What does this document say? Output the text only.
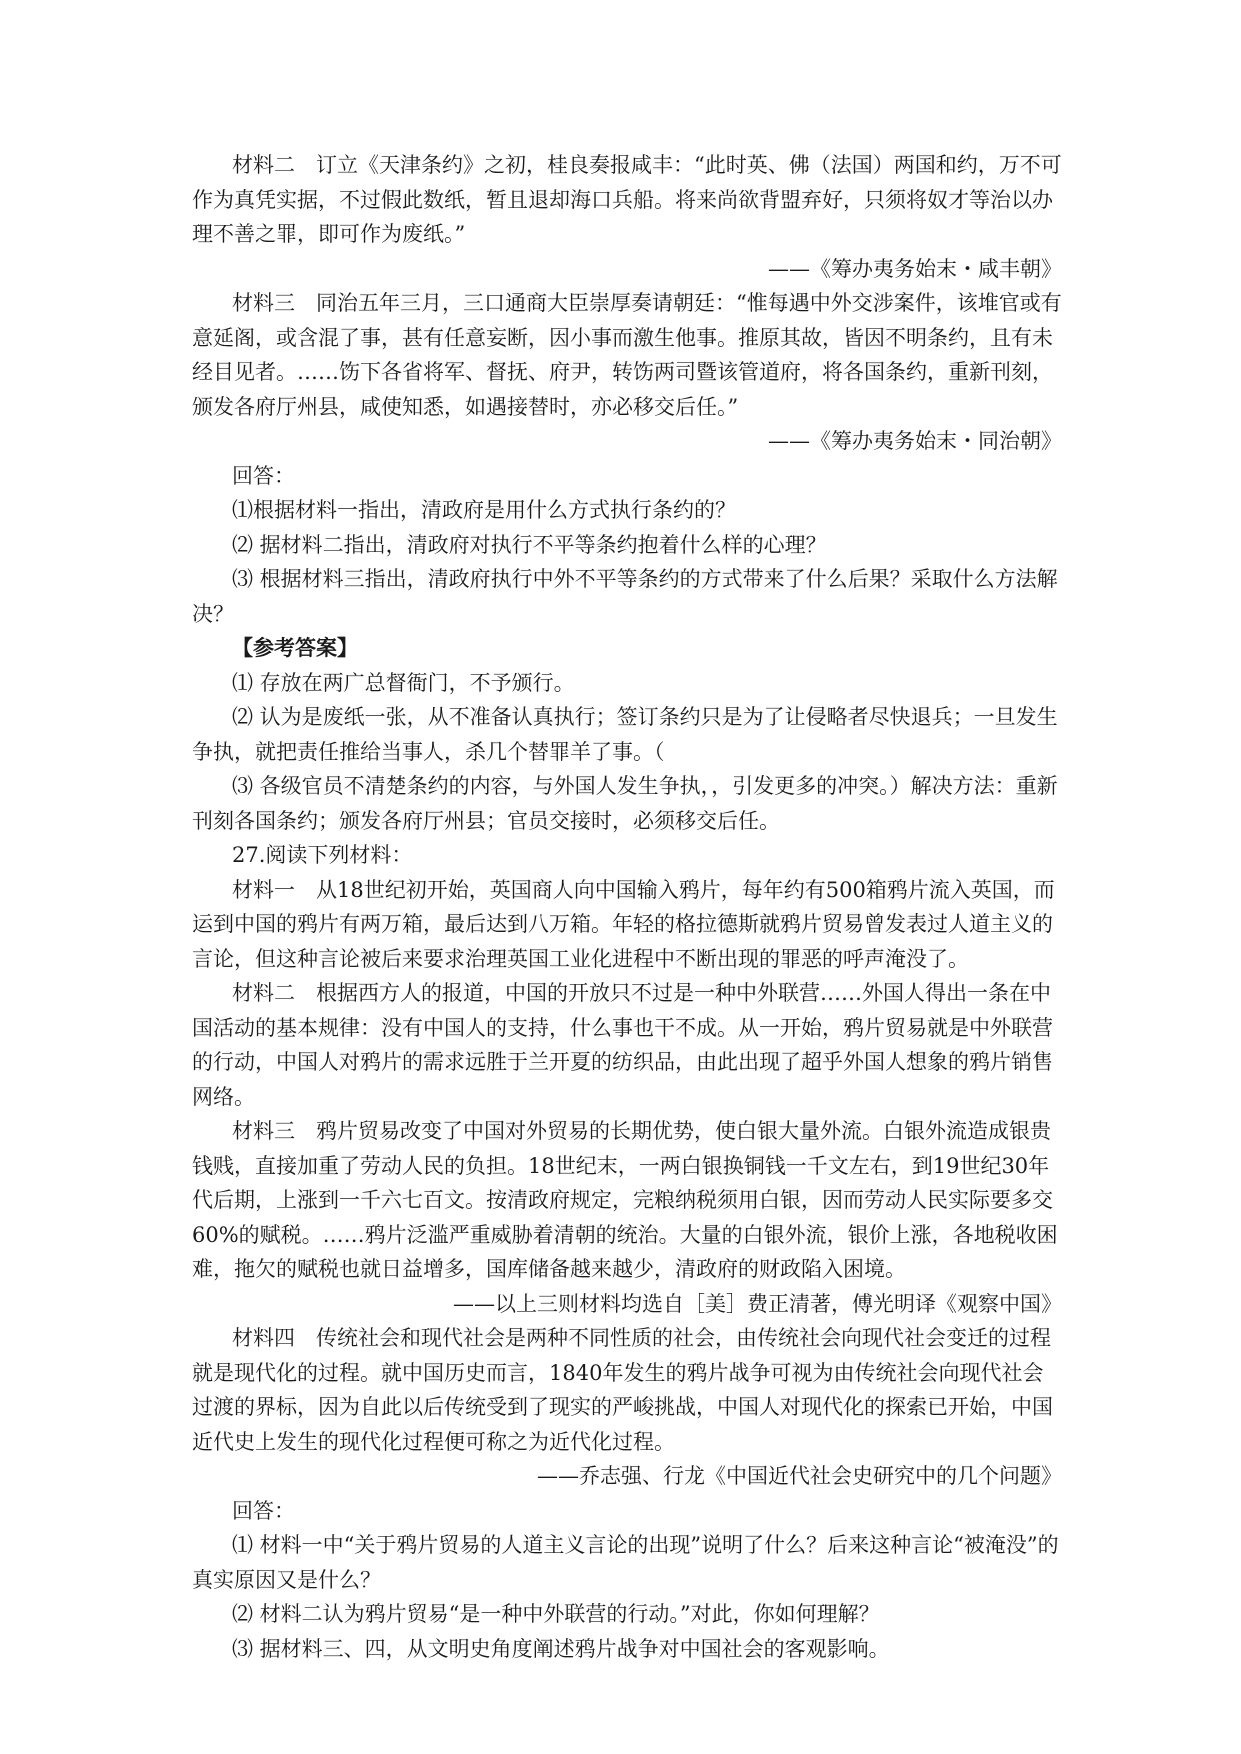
材料二　订立《天津条约》之初，桂良奏报咸丰：“此时英、佛（法国）两国和约，万不可作为真凭实据，不过假此数纸，暂且退却海口兵船。将来尚欲背盟弃好，只须将奴才等治以办理不善之罪，即可作为废纸。”

——《筹办夷务始末・咸丰朝》

材料三　同治五年三月，三口通商大臣崇厚奏请朝廷：“惟每遇中外交涉案件，该堆官或有意延阁，或含混了事，甚有任意妄断，因小事而激生他事。推原其故，皆因不明条约，且有未经目见者。……饬下各省将军、督抚、府尹，转饬两司暨该管道府，将各国条约，重新刊刻，颁发各府厅州县，咸使知悉，如遇接替时，亦必移交后任。”

——《筹办夷务始末・同治朝》

回答：

⑴根据材料一指出，清政府是用什么方式执行条约的？

⑵ 据材料二指出，清政府对执行不平等条约抱着什么样的心理？

⑶ 根据材料三指出，清政府执行中外不平等条约的方式带来了什么后果？采取什么方法解决？

【参考答案】

⑴ 存放在两广总督衙门，不予颁行。

⑵ 认为是废纸一张，从不准备认真执行；签订条约只是为了让侵略者尽快退兵；一旦发生争执，就把责任推给当事人，杀几个替罪羊了事。（

⑶ 各级官员不清楚条约的内容，与外国人发生争执，，引发更多的冲突。）解决方法：重新刊刻各国条约；颁发各府厅州县；官员交接时，必须移交后任。

27.阅读下列材料：

材料一　从18世纪初开始，英国商人向中国输入鸦片，每年约有500箱鸦片流入英国，而运到中国的鸦片有两万箱，最后达到八万箱。年轻的格拉德斯就鸦片贸易曾发表过人道主义的言论，但这种言论被后来要求治理英国工业化进程中不断出现的罪恶的呼声淹没了。

材料二　根据西方人的报道，中国的开放只不过是一种中外联营……外国人得出一条在中国活动的基本规律：没有中国人的支持，什么事也干不成。从一开始，鸦片贸易就是中外联营的行动，中国人对鸦片的需求远胜于兰开夏的纺织品，由此出现了超乎外国人想象的鸦片销售网络。

材料三　鸦片贸易改变了中国对外贸易的长期优势，使白银大量外流。白银外流造成银贵钱贱，直接加重了劳动人民的负担。18世纪末，一两白银换铜钱一千文左右，到19世纪30年代后期，上涨到一千六七百文。按清政府规定，完粮纳税须用白银，因而劳动人民实际要多交60%的赋税。……鸦片泛滥严重威胁着清朝的统治。大量的白银外流，银价上涨，各地税收困难，拖欠的赋税也就日益增多，国库储备越来越少，清政府的财政陷入困境。

——以上三则材料均选自［美］费正清著，傅光明译《观察中国》

材料四　传统社会和现代社会是两种不同性质的社会，由传统社会向现代社会变迁的过程就是现代化的过程。就中国历史而言，1840年发生的鸦片战争可视为由传统社会向现代社会过渡的界标，因为自此以后传统受到了现实的严峻挑战，中国人对现代化的探索已开始，中国近代史上发生的现代化过程便可称之为近代化过程。

——乔志强、行龙《中国近代社会史研究中的几个问题》

回答：

⑴ 材料一中“关于鸦片贸易的人道主义言论的出现”说明了什么？后来这种言论“被淹没”的真实原因又是什么？

⑵ 材料二认为鸦片贸易“是一种中外联营的行动。”对此，你如何理解？

⑶ 据材料三、四，从文明史角度阐述鸦片战争对中国社会的客观影响。
